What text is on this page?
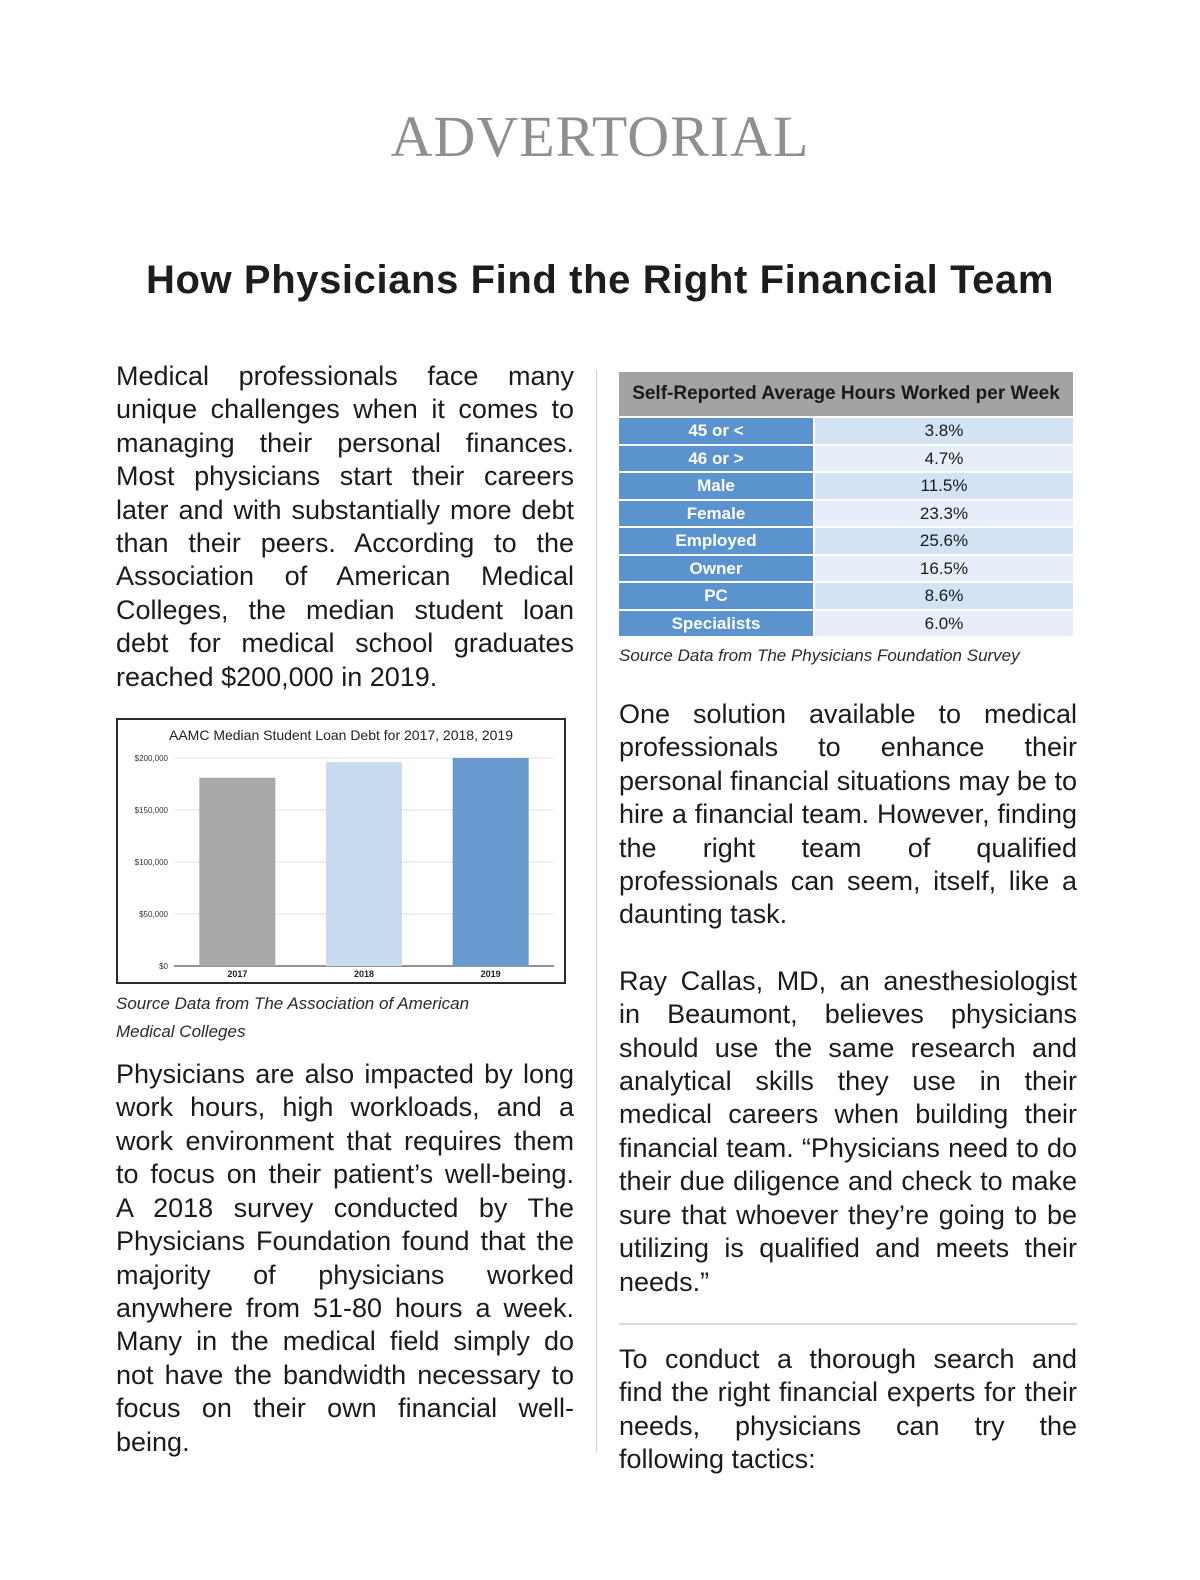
ADVERTORIAL
How Physicians Find the Right Financial Team

Medical professionals face many unique challenges when it comes to managing their personal finances. Most physicians start their careers later and with substantially more debt than their peers. According to the Association of American Medical Colleges, the median student loan debt for medical school graduates reached $200,000 in 2019.

AAMC Median Student Loan Debt for 2017, 2018, 2019
$0
$50,000
$100,000
$150,000
$200,000
2017	2018	2019

Source Data from The Association of American

Medical Colleges

Physicians are also impacted by long work hours, high workloads, and a work environment that requires them to focus on their patient’s well-being. A 2018 survey conducted by The Physicians Foundation found that the majority of physicians worked anywhere from 51-80 hours a week. Many in the medical field simply do not have the bandwidth necessary to focus on their own financial well-being.

Self-Reported Average Hours Worked per Week	
45 or <	3.8%
46 or >	4.7%
Male	11.5%
Female	23.3%
Employed	25.6%
Owner	16.5%
PC	8.6%
Specialists	6.0%

Source Data from The Physicians Foundation Survey

One solution available to medical professionals to enhance their personal financial situations may be to hire a financial team. However, finding the right team of qualified professionals can seem, itself, like a daunting task.

Ray Callas, MD, an anesthesiologist in Beaumont, believes physicians should use the same research and analytical skills they use in their medical careers when building their financial team. “Physicians need to do their due diligence and check to make sure that whoever they’re going to be utilizing is qualified and meets their needs.”

To conduct a thorough search and find the right financial experts for their needs, physicians can try the following tactics:
